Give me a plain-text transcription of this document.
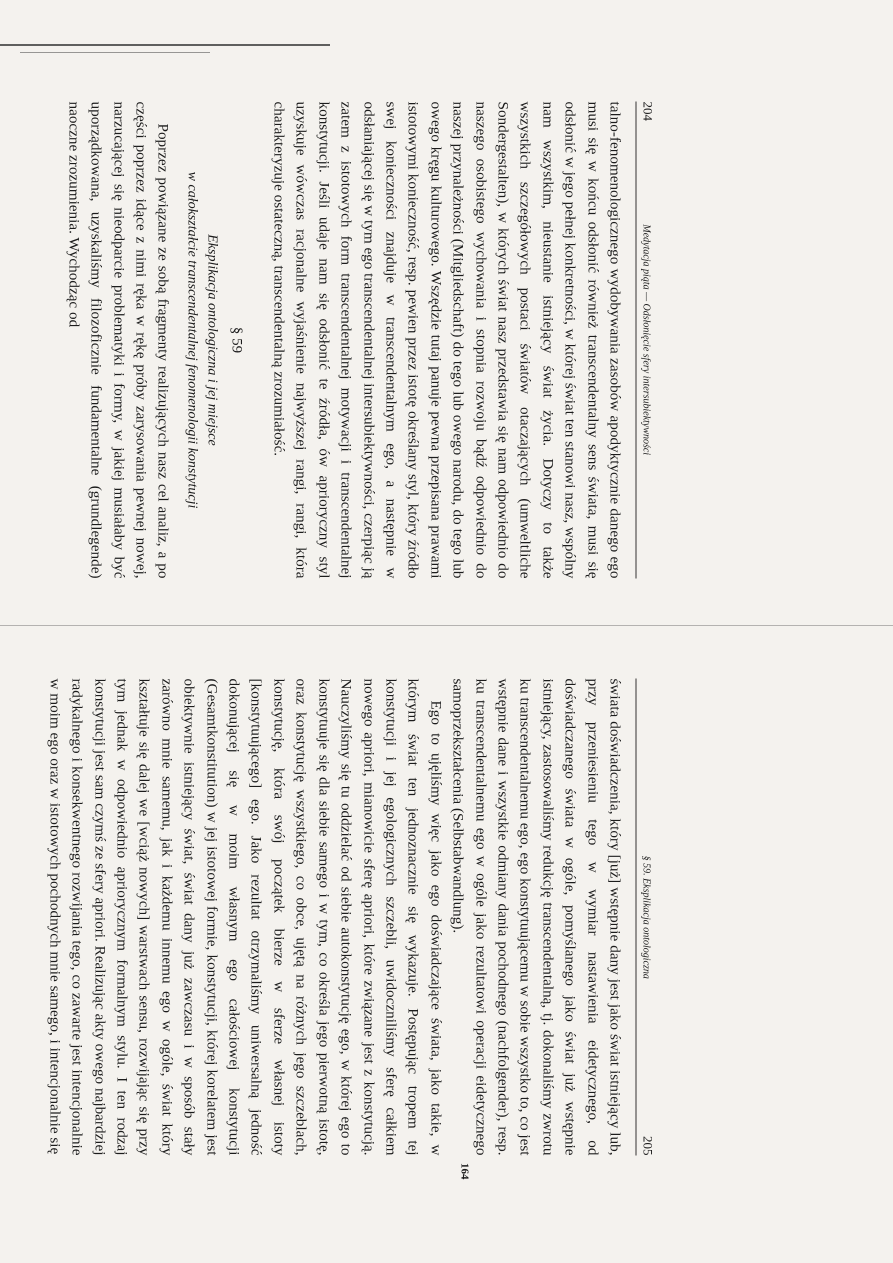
204
Medytacja piąta — Odsłonięcie sfery intersubiektywności

talno-fenomenologicznego wydobywania zasobów apodyktycznie danego ego musi się w końcu odsłonić również transcendentalny sens świata, musi się odsłonić w jego pełnej konkretności, w której świat ten stanowi nasz, wspólny nam wszystkim, nieustanie istniejący świat życia. Dotyczy to także wszystkich szczegółowych postaci światów otaczających (umweltliche Sondergestalten), w których świat nasz przedstawia się nam odpowiednio do naszego osobistego wychowania i stopnia rozwoju bądź odpowiednio do naszej przynależności (Mitgliedschaft) do tego lub owego narodu, do tego lub owego kręgu kulturowego. Wszędzie tutaj panuje pewna przepisana prawami istotowymi konieczność, resp. pewien przez istotę określany styl, który źródło swej konieczności znajduje w transcendentalnym ego, a następnie w odsłaniającej się w tym ego transcendentalnej intersubiektywności, czerpiąc ją zatem z istotowych form transcendentalnej motywacji i transcendentalnej konstytucji. Jeśli udaje nam się odsłonić te źródła, ów aprioryczny styl uzyskuje wówczas racjonalne wyjaśnienie najwyższej rangi, rangi, która charakteryzuje ostateczną, transcendentalną zrozumiałość.

§ 59
Eksplikacja ontologiczna i jej miejsce
w całokształcie transcendentalnej fenomenologii konstytucji

Poprzez powiązane ze sobą fragmenty realizujących nasz cel analiz, a po części poprzez idące z nimi ręka w rękę próby zarysowania pewnej nowej, narzucającej się nieodparcie problematyki i formy, w jakiej musiałaby być uporządkowana, uzyskaliśmy filozoficznie fundamentalne (grundlegende) naoczne zrozumienia. Wychodząc od

§ 59. Eksplikacja ontologiczna
205

świata doświadczenia, który [już] wstępnie dany jest jako świat istniejący lub, przy przeniesieniu tego w wymiar nastawienia eidetycznego, od doświadczanego świata w ogóle, pomyślanego jako świat już wstępnie istniejący, zastosowaliśmy redukcję transcendentalną, tj. dokonaliśmy zwrotu ku transcendentalnemu ego, ego konstytuującemu w sobie wszystko to, co jest wstępnie dane i wszystkie odmiany dania pochodnego (nachfolgender), resp. ku transcendentalnemu ego w ogóle jako rezultatowi operacji eidetycznego samoprzekształcenia (Selbstabwandlung).

Ego to ujęliśmy więc jako ego doświadczające świata, jako takie, w którym świat ten jednoznacznie się wykazuje. Postępując tropem tej konstytucji i jej egologicznych szczebli, uwidoczniliśmy sferę całkiem nowego apriori, mianowicie sferę apriori, które związane jest z konstytucją. Nauczyliśmy się tu oddzielać od siebie autokonstytucję ego, w której ego to konstytuuje się dla siebie samego i w tym, co określa jego pierwotną istotę, oraz konstytucję wszystkiego, co obce, ujętą na różnych jego szczeblach, konstytucję, która swój początek bierze w sferze własnej istoty [konstytuującego] ego. Jako rezultat otrzymaliśmy uniwersalną jedność dokonującej się w moim własnym ego całościowej konstytucji (Gesamtkonstitution) w jej istotowej formie, konstytucji, której korelatem jest obiektywnie istniejący świat, świat dany już zawczasu i w sposób stały zarówno mnie samemu, jak i każdemu innemu ego w ogóle, świat który kształtuje się dalej we [wciąż nowych] warstwach sensu, rozwijając się przy tym jednak w odpowiednio apriorycznym formalnym stylu. I ten rodzaj konstytucji jest sam czymś ze sfery apriori. Realizując akty owego najbardziej radykalnego i konsekwentnego rozwijania tego, co zawarte jest intencjonalnie w moim ego oraz w istotowych pochodnych mnie samego, i intencjonalnie się

164
